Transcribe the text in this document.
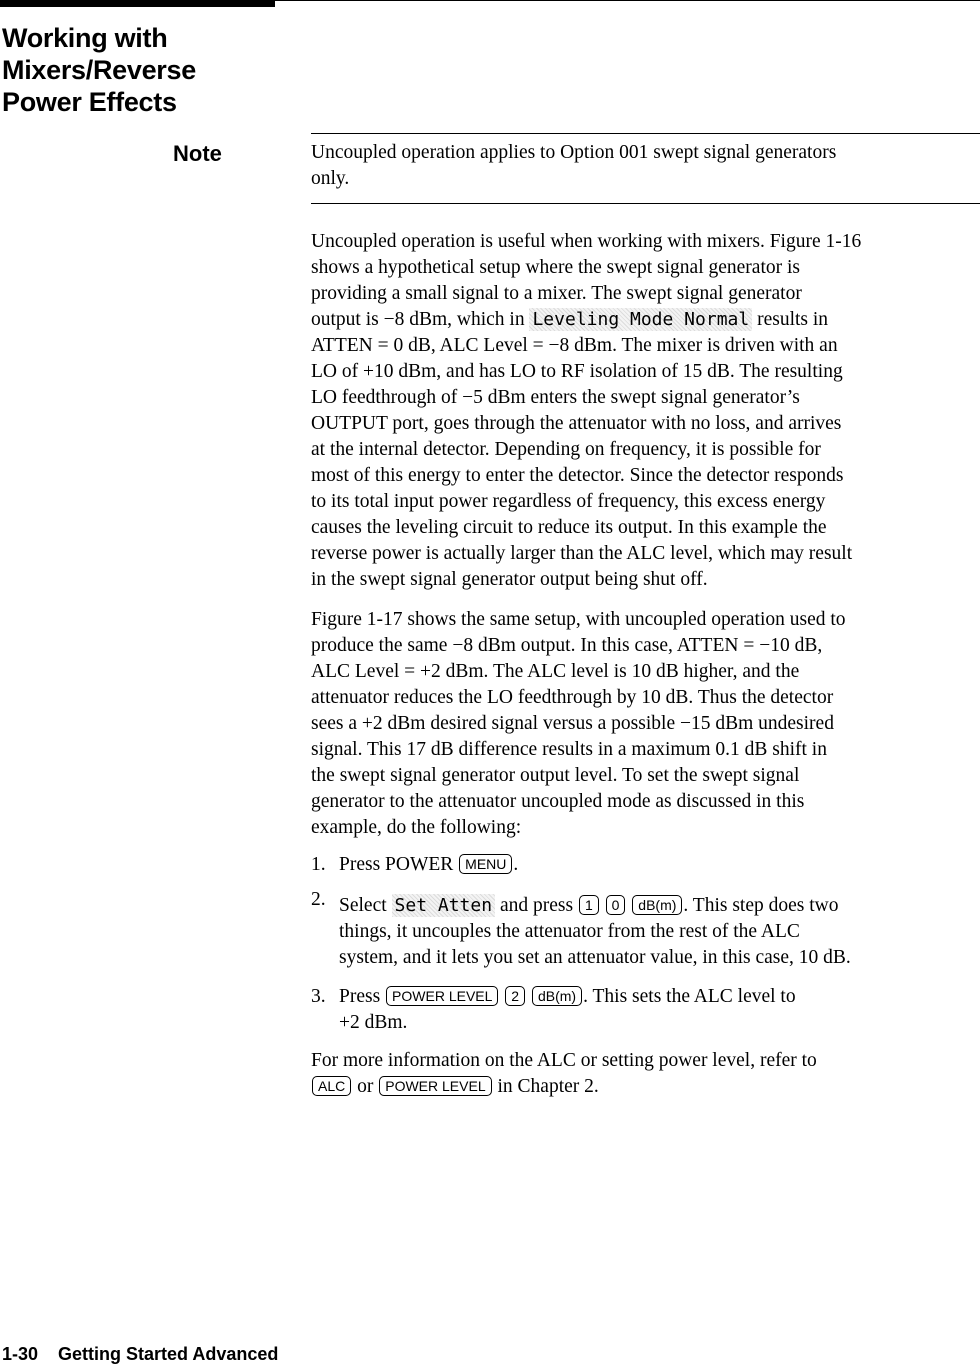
Working with
Mixers/Reverse
Power Effects
Note	Uncoupled operation applies to Option 001 swept signal generators
only.
Uncoupled operation is useful when working with mixers. Figure 1-16
shows a hypothetical setup where the swept signal generator is
providing a small signal to a mixer. The swept signal generator
output is −8 dBm, which in Leveling Mode Normal results in
ATTEN = 0 dB, ALC Level = −8 dBm. The mixer is driven with an
LO of +10 dBm, and has LO to RF isolation of 15 dB. The resulting
LO feedthrough of −5 dBm enters the swept signal generator’s
OUTPUT port, goes through the attenuator with no loss, and arrives
at the internal detector. Depending on frequency, it is possible for
most of this energy to enter the detector. Since the detector responds
to its total input power regardless of frequency, this excess energy
causes the leveling circuit to reduce its output. In this example the
reverse power is actually larger than the ALC level, which may result
in the swept signal generator output being shut off.
Figure 1-17 shows the same setup, with uncoupled operation used to
produce the same −8 dBm output. In this case, ATTEN = −10 dB,
ALC Level = +2 dBm. The ALC level is 10 dB higher, and the
attenuator reduces the LO feedthrough by 10 dB. Thus the detector
sees a +2 dBm desired signal versus a possible −15 dBm undesired
signal. This 17 dB difference results in a maximum 0.1 dB shift in
the swept signal generator output level. To set the swept signal
generator to the attenuator uncoupled mode as discussed in this
example, do the following:
1. Press POWER MENU .
2. Select Set Atten and press 1 0 dB(m) . This step does two
things, it uncouples the attenuator from the rest of the ALC
system, and it lets you set an attenuator value, in this case, 10 dB.
3. Press POWER LEVEL 2 dB(m) . This sets the ALC level to
+2 dBm.
For more information on the ALC or setting power level, refer to
ALC or POWER LEVEL in Chapter 2.
1-30 Getting Started Advanced
